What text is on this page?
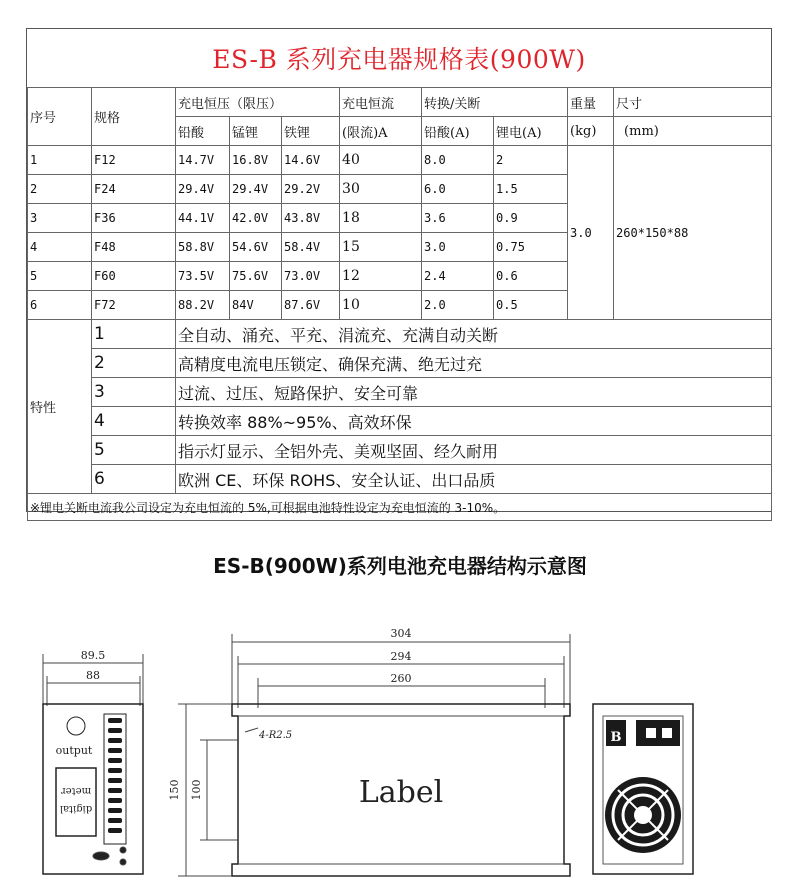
ES-B 系列充电器规格表(900W)
序号	规格	充电恒压（限压）			充电恒流	转换/关断		重量	尺寸
		铅酸	锰锂	铁锂	(限流)A	铅酸(A)	锂电(A)	(kg)	(mm)
1	F12	14.7V	16.8V	14.6V	40	8.0	2	3.0	260*150*88
2	F24	29.4V	29.4V	29.2V	30	6.0	1.5		
3	F36	44.1V	42.0V	43.8V	18	3.6	0.9		
4	F48	58.8V	54.6V	58.4V	15	3.0	0.75		
5	F60	73.5V	75.6V	73.0V	12	2.4	0.6		
6	F72	88.2V	84V	87.6V	10	2.0	0.5		
特性	1	全自动、涌充、平充、涓流充、充满自动关断							
	2	高精度电流电压锁定、确保充满、绝无过充							
	3	过流、过压、短路保护、安全可靠							
	4	转换效率 88%~95%、高效环保							
	5	指示灯显示、全铝外壳、美观坚固、经久耐用							
	6	欧洲 CE、环保 ROHS、安全认证、出口品质							
※锂电关断电流我公司设定为充电恒流的 5%,可根据电池特性设定为充电恒流的 3-10%。									
ES-B(900W)系列电池充电器结构示意图
89.5
88
output
meter
digital
304
294
260
150 100
4-R2.5
Label
B
